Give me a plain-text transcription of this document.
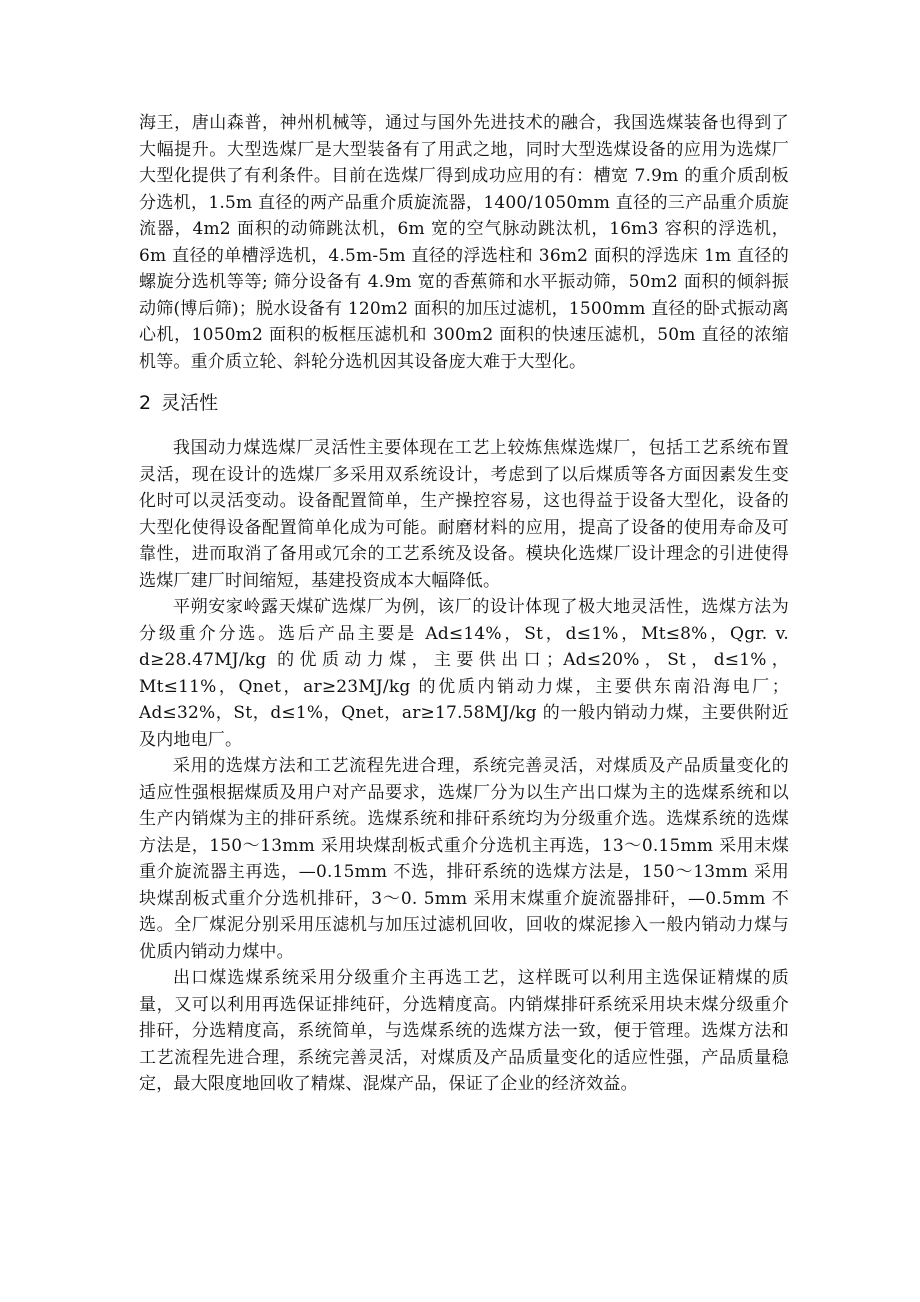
海王，唐山森普，神州机械等，通过与国外先进技术的融合，我国选煤装备也得到了大幅提升。大型选煤厂是大型装备有了用武之地，同时大型选煤设备的应用为选煤厂大型化提供了有利条件。目前在选煤厂得到成功应用的有：槽宽 7.9m 的重介质刮板分选机，1.5m 直径的两产品重介质旋流器，1400/1050mm 直径的三产品重介质旋流器，4m2 面积的动筛跳汰机，6m 宽的空气脉动跳汰机，16m3 容积的浮选机，6m 直径的单槽浮选机，4.5m-5m 直径的浮选柱和 36m2 面积的浮选床 1m 直径的螺旋分选机等等; 筛分设备有 4.9m 宽的香蕉筛和水平振动筛，50m2 面积的倾斜振动筛(博后筛)；脱水设备有 120m2 面积的加压过滤机，1500mm 直径的卧式振动离心机，1050m2 面积的板框压滤机和 300m2 面积的快速压滤机，50m 直径的浓缩机等。重介质立轮、斜轮分选机因其设备庞大难于大型化。

2 灵活性

我国动力煤选煤厂灵活性主要体现在工艺上较炼焦煤选煤厂，包括工艺系统布置灵活，现在设计的选煤厂多采用双系统设计，考虑到了以后煤质等各方面因素发生变化时可以灵活变动。设备配置简单，生产操控容易，这也得益于设备大型化，设备的大型化使得设备配置简单化成为可能。耐磨材料的应用，提高了设备的使用寿命及可靠性，进而取消了备用或冗余的工艺系统及设备。模块化选煤厂设计理念的引进使得选煤厂建厂时间缩短，基建投资成本大幅降低。

平朔安家岭露天煤矿选煤厂为例，该厂的设计体现了极大地灵活性，选煤方法为分级重介分选。选后产品主要是 Ad≤14%，St，d≤1%，Mt≤8%，Qgr. v. d≥28.47MJ/kg 的优质动力煤，主要供出口；Ad≤20%，St，d≤1%，Mt≤11%，Qnet，ar≥23MJ/kg 的优质内销动力煤，主要供东南沿海电厂；Ad≤32%，St，d≤1%，Qnet，ar≥17.58MJ/kg 的一般内销动力煤，主要供附近及内地电厂。

采用的选煤方法和工艺流程先进合理，系统完善灵活，对煤质及产品质量变化的适应性强根据煤质及用户对产品要求，选煤厂分为以生产出口煤为主的选煤系统和以生产内销煤为主的排矸系统。选煤系统和排矸系统均为分级重介选。选煤系统的选煤方法是，150～13mm 采用块煤刮板式重介分选机主再选，13～0.15mm 采用末煤重介旋流器主再选，—0.15mm 不选，排矸系统的选煤方法是，150～13mm 采用块煤刮板式重介分选机排矸，3～0. 5mm 采用末煤重介旋流器排矸，—0.5mm 不选。全厂煤泥分别采用压滤机与加压过滤机回收，回收的煤泥掺入一般内销动力煤与优质内销动力煤中。

出口煤选煤系统采用分级重介主再选工艺，这样既可以利用主选保证精煤的质量，又可以利用再选保证排纯矸，分选精度高。内销煤排矸系统采用块末煤分级重介排矸，分选精度高，系统简单，与选煤系统的选煤方法一致，便于管理。选煤方法和工艺流程先进合理，系统完善灵活，对煤质及产品质量变化的适应性强，产品质量稳定，最大限度地回收了精煤、混煤产品，保证了企业的经济效益。
